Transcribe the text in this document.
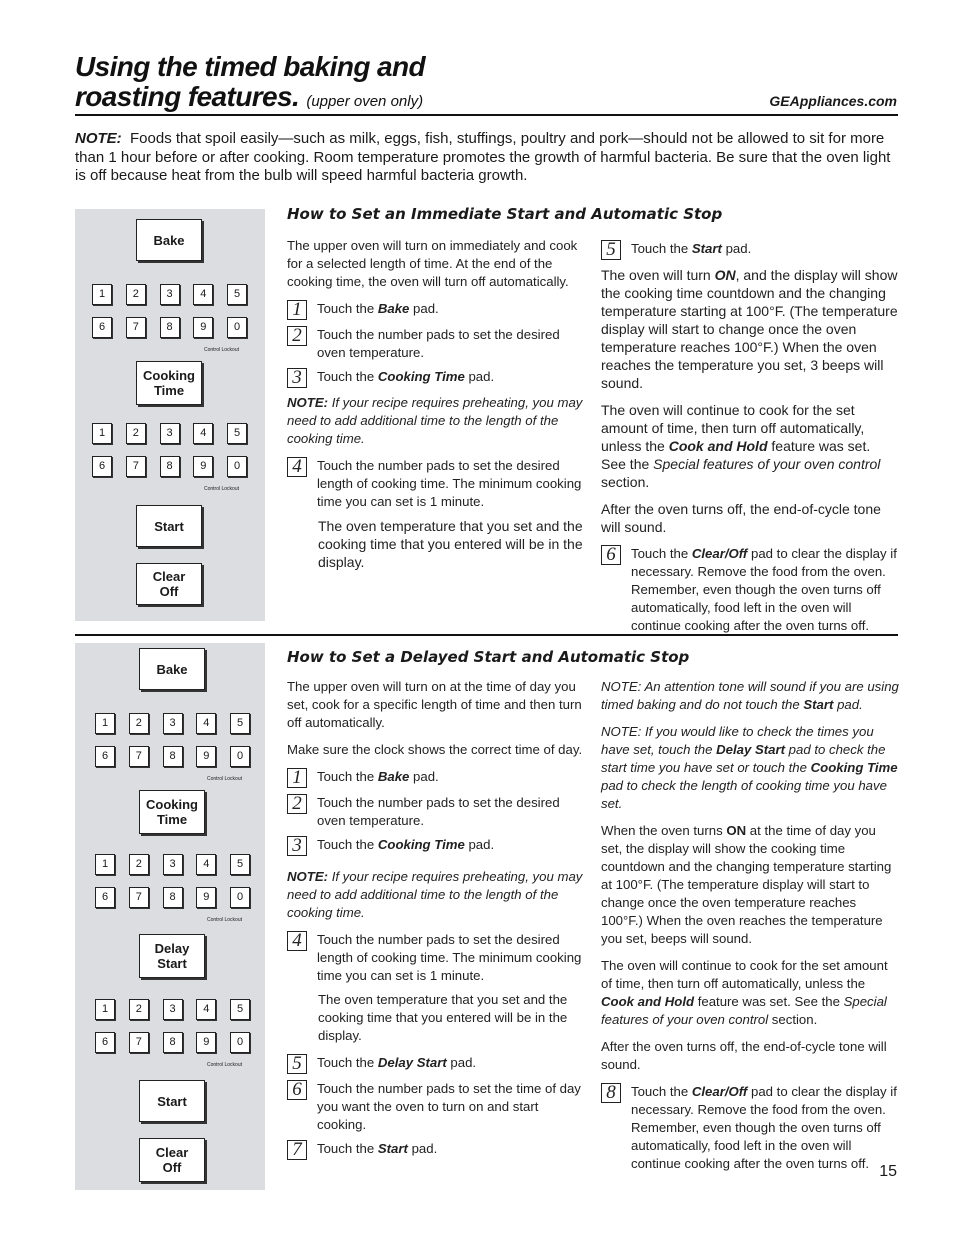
Using the timed baking and
roasting features. (upper oven only)	GEAppliances.com
NOTE: Foods that spoil easily—such as milk, eggs, fish, stuffings, poultry and pork—should not be allowed to sit for more than 1 hour before or after cooking. Room temperature promotes the growth of harmful bacteria. Be sure that the oven light is off because heat from the bulb will speed harmful bacteria growth.
Bake
1	2	3	4	5
6	7	8	9	0
Control Lockout
Cooking
Time
1	2	3	4	5
6	7	8	9	0
Control Lockout
Start
Clear
Off
How to Set an Immediate Start and Automatic Stop

The upper oven will turn on immediately and cook for a selected length of time. At the end of the cooking time, the oven will turn off automatically.

1	Touch the Bake pad.
2	Touch the number pads to set the desired oven temperature.
3	Touch the Cooking Time pad.

NOTE: If your recipe requires preheating, you may need to add additional time to the length of the cooking time.

4	Touch the number pads to set the desired length of cooking time. The minimum cooking time you can set is 1 minute.

The oven temperature that you set and the cooking time that you entered will be in the display.

5	Touch the Start pad.

The oven will turn ON, and the display will show the cooking time countdown and the changing temperature starting at 100°F. (The temperature display will start to change once the oven temperature reaches 100°F.) When the oven reaches the temperature you set, 3 beeps will sound.

The oven will continue to cook for the set amount of time, then turn off automatically, unless the Cook and Hold feature was set. See the Special features of your oven control section.

After the oven turns off, the end-of-cycle tone will sound.

6	Touch the Clear/Off pad to clear the display if necessary. Remove the food from the oven. Remember, even though the oven turns off automatically, food left in the oven will continue cooking after the oven turns off.
Bake
1	2	3	4	5
6	7	8	9	0
Control Lockout
Cooking
Time
1	2	3	4	5
6	7	8	9	0
Control Lockout
Delay
Start
1	2	3	4	5
6	7	8	9	0
Control Lockout
Start
Clear
Off
How to Set a Delayed Start and Automatic Stop

The upper oven will turn on at the time of day you set, cook for a specific length of time and then turn off automatically.

Make sure the clock shows the correct time of day.

1	Touch the Bake pad.
2	Touch the number pads to set the desired oven temperature.
3	Touch the Cooking Time pad.

NOTE: If your recipe requires preheating, you may need to add additional time to the length of the cooking time.

4	Touch the number pads to set the desired length of cooking time. The minimum cooking time you can set is 1 minute.

The oven temperature that you set and the cooking time that you entered will be in the display.

5	Touch the Delay Start pad.
6	Touch the number pads to set the time of day you want the oven to turn on and start cooking.
7	Touch the Start pad.

NOTE: An attention tone will sound if you are using timed baking and do not touch the Start pad.

NOTE: If you would like to check the times you have set, touch the Delay Start pad to check the start time you have set or touch the Cooking Time pad to check the length of cooking time you have set.

When the oven turns ON at the time of day you set, the display will show the cooking time countdown and the changing temperature starting at 100°F. (The temperature display will start to change once the oven temperature reaches 100°F.) When the oven reaches the temperature you set, beeps will sound.

The oven will continue to cook for the set amount of time, then turn off automatically, unless the Cook and Hold feature was set. See the Special features of your oven control section.

After the oven turns off, the end-of-cycle tone will sound.

8	Touch the Clear/Off pad to clear the display if necessary. Remove the food from the oven. Remember, even though the oven turns off automatically, food left in the oven will continue cooking after the oven turns off. 15
